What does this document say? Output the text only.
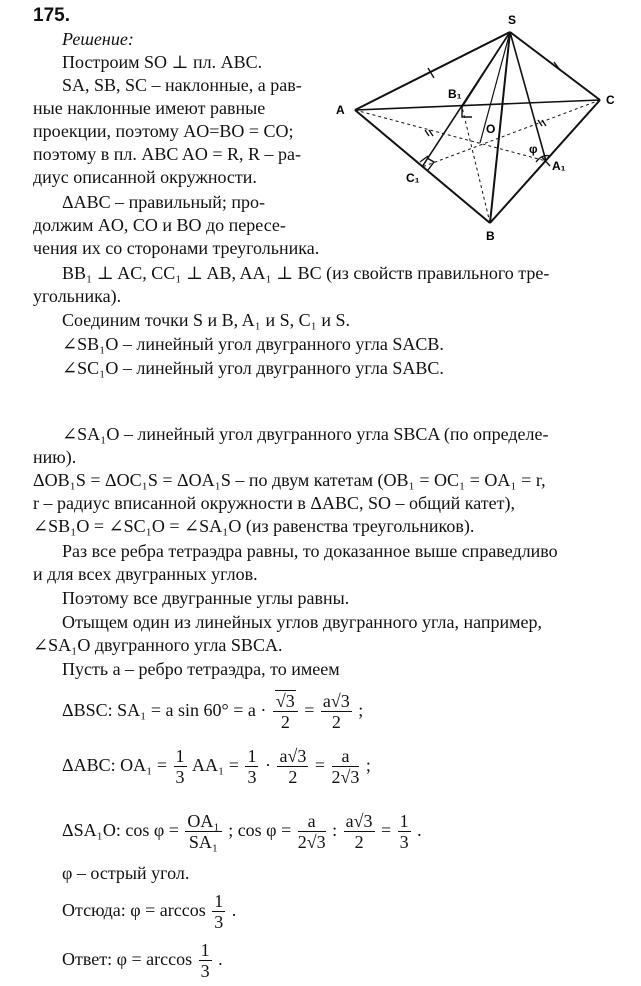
175.
Решение:
Построим SO ⊥ пл. ABC.
SA, SB, SC – наклонные, а рав-
ные наклонные имеют равные
проекции, поэтому AO=BO = CO;
поэтому в пл. ABC AO = R, R – ра-
диус описанной окружности.
ΔABC – правильный; про-
должим AO, CO и BO до пересе-
чения их со сторонами треугольника.
BB₁ ⊥ AC, CC₁ ⊥ AB, AA₁ ⊥ BC (из свойств правильного тре-
угольника).
Соединим точки S и B, A₁ и S, C₁ и S.
∠SB₁O – линейный угол двугранного угла SACB.
∠SC₁O – линейный угол двугранного угла SABC.
∠SA₁O – линейный угол двугранного угла SBCA (по определе-
нию).
ΔOB₁S = ΔOC₁S = ΔOA₁S – по двум катетам (OB₁ = OC₁ = OA₁ = r,
r – радиус вписанной окружности в ΔABC, SO – общий катет),
∠SB₁O = ∠SC₁O = ∠SA₁O (из равенства треугольников).
Раз все ребра тетраэдра равны, то доказанное выше справедливо
и для всех двугранных углов.
Поэтому все двугранные углы равны.
Отыщем один из линейных углов двугранного угла, например,
∠SA₁O двугранного угла SBCA.
Пусть a – ребро тетраэдра, то имеем
ΔBSC: SA₁ = a $\sin 60^\circ = a \cdot \frac{√3}{2} = \frac{a√3}{2}$ ;
ΔABC: $OA_1 = \frac{1}{3} AA_1 = \frac{1}{3} \cdot \frac{a√3}{2} = \frac{a}{2√3}$ ;
ΔSA₁O: $\cos \varphi = \frac{\text{OA₁}}{\text{SA₁}}$ ; $\cos \varphi = \frac{a}{2√3}$ : $\frac{a√3}{2} = \frac{1}{3}$ .
φ – острый угол.
Отсюда: $\varphi = \arccos \frac{1}{3}$ .
Ответ: $\varphi = \arccos \frac{1}{3}$ .
S
A
C
B
B₁
O
C₁
A₁
φ
